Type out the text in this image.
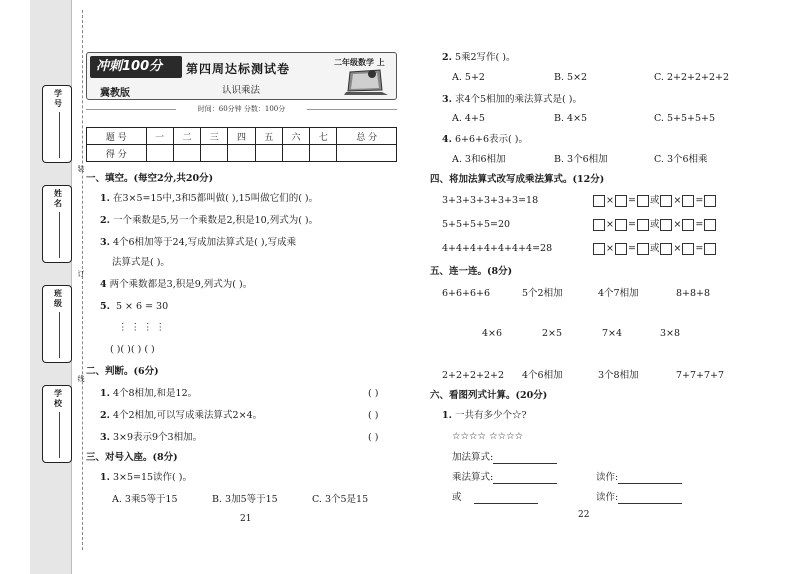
学号
姓名
班级
学校
装
订
线
冲刺100分
冀教版
第四周达标测试卷
认识乘法
二年级数学 上
时间：60分钟 分数：100分
题 号	一	二	三	四	五	六	七	总 分
得 分								
一、填空。(每空2分,共20分)
1. 在3×5=15中,3和5都叫做( ),15叫做它们的( )。
2. 一个乘数是5,另一个乘数是2,积是10,列式为( )。
3. 4个6相加等于24,写成加法算式是( ),写成乘
法算式是( )。
4 两个乘数都是3,积是9,列式为( )。
5. 5 × 6 = 30
⋮ ⋮ ⋮ ⋮
( )( )( ) ( )
二、判断。(6分)
1. 4个8相加,和是12。	( )
2. 4个2相加,可以写成乘法算式2×4。	( )
3. 3×9表示9个3相加。	( )
三、对号入座。(8分)
1. 3×5=15读作( )。
A. 3乘5等于15	B. 3加5等于15	C. 3个5是15
21
2. 5乘2写作( )。
A. 5+2	B. 5×2	C. 2+2+2+2+2
3. 求4个5相加的乘法算式是( )。
A. 4+5	B. 4×5	C. 5+5+5+5
4. 6+6+6表示( )。
A. 3和6相加	B. 3个6相加	C. 3个6相乘
四、将加法算式改写成乘法算式。(12分)
3+3+3+3+3+3=18	× = 或 × =
5+5+5+5=20	× = 或 × =
4+4+4+4+4+4+4=28	× = 或 × =
五、连一连。(8分)
6+6+6+6	5个2相加	4个7相加	8+8+8
4×6	2×5	7×4	3×8
2+2+2+2+2 4个6相加	3个8相加	7+7+7+7
六、看图列式计算。(20分)
1. 一共有多少个☆?
☆☆☆☆ ☆☆☆☆
加法算式:
乘法算式:	读作:
或	读作:
22
